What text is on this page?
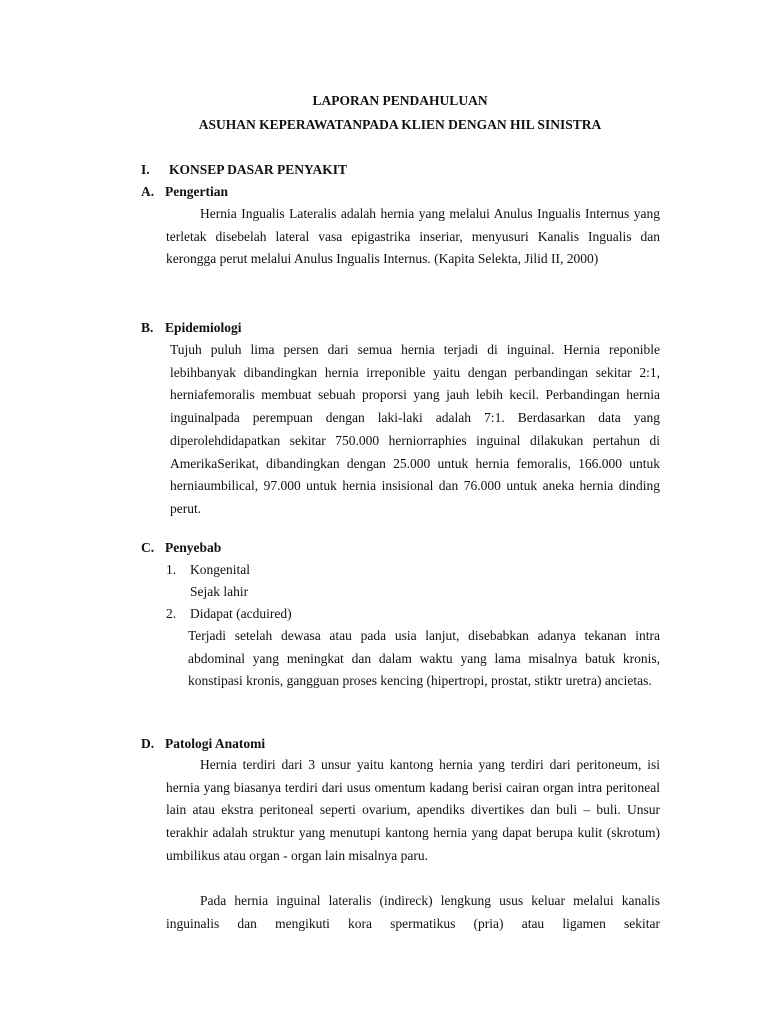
LAPORAN PENDAHULUAN
ASUHAN KEPERAWATANPADA KLIEN DENGAN HIL SINISTRA
I. KONSEP DASAR PENYAKIT
A. Pengertian

Hernia Ingualis Lateralis adalah hernia yang melalui Anulus Ingualis Internus yang terletak disebelah lateral vasa epigastrika inseriar, menyusuri Kanalis Ingualis dan kerongga perut melalui Anulus Ingualis Internus. (Kapita Selekta, Jilid II, 2000)

B. Epidemiologi

Tujuh puluh lima persen dari semua hernia terjadi di inguinal. Hernia reponible lebihbanyak dibandingkan hernia irreponible yaitu dengan perbandingan sekitar 2:1, herniafemoralis membuat sebuah proporsi yang jauh lebih kecil. Perbandingan hernia inguinalpada perempuan dengan laki-laki adalah 7:1. Berdasarkan data yang diperolehdidapatkan sekitar 750.000 herniorraphies inguinal dilakukan pertahun di AmerikaSerikat, dibandingkan dengan 25.000 untuk hernia femoralis, 166.000 untuk herniaumbilical, 97.000 untuk hernia insisional dan 76.000 untuk aneka hernia dinding perut.

C. Penyebab
1. Kongenital
Sejak lahir
2. Didapat (acduired)

Terjadi setelah dewasa atau pada usia lanjut, disebabkan adanya tekanan intra abdominal yang meningkat dan dalam waktu yang lama misalnya batuk kronis, konstipasi kronis, gangguan proses kencing (hipertropi, prostat, stiktr uretra) ancietas.

D. Patologi Anatomi

Hernia terdiri dari 3 unsur yaitu kantong hernia yang terdiri dari peritoneum, isi hernia yang biasanya terdiri dari usus omentum kadang berisi cairan organ intra peritoneal lain atau ekstra peritoneal seperti ovarium, apendiks divertikes dan buli – buli. Unsur terakhir adalah struktur yang menutupi kantong hernia yang dapat berupa kulit (skrotum) umbilikus atau organ - organ lain misalnya paru.

Pada hernia inguinal lateralis (indireck) lengkung usus keluar melalui kanalis inguinalis dan mengikuti kora spermatikus (pria) atau ligamen sekitar
